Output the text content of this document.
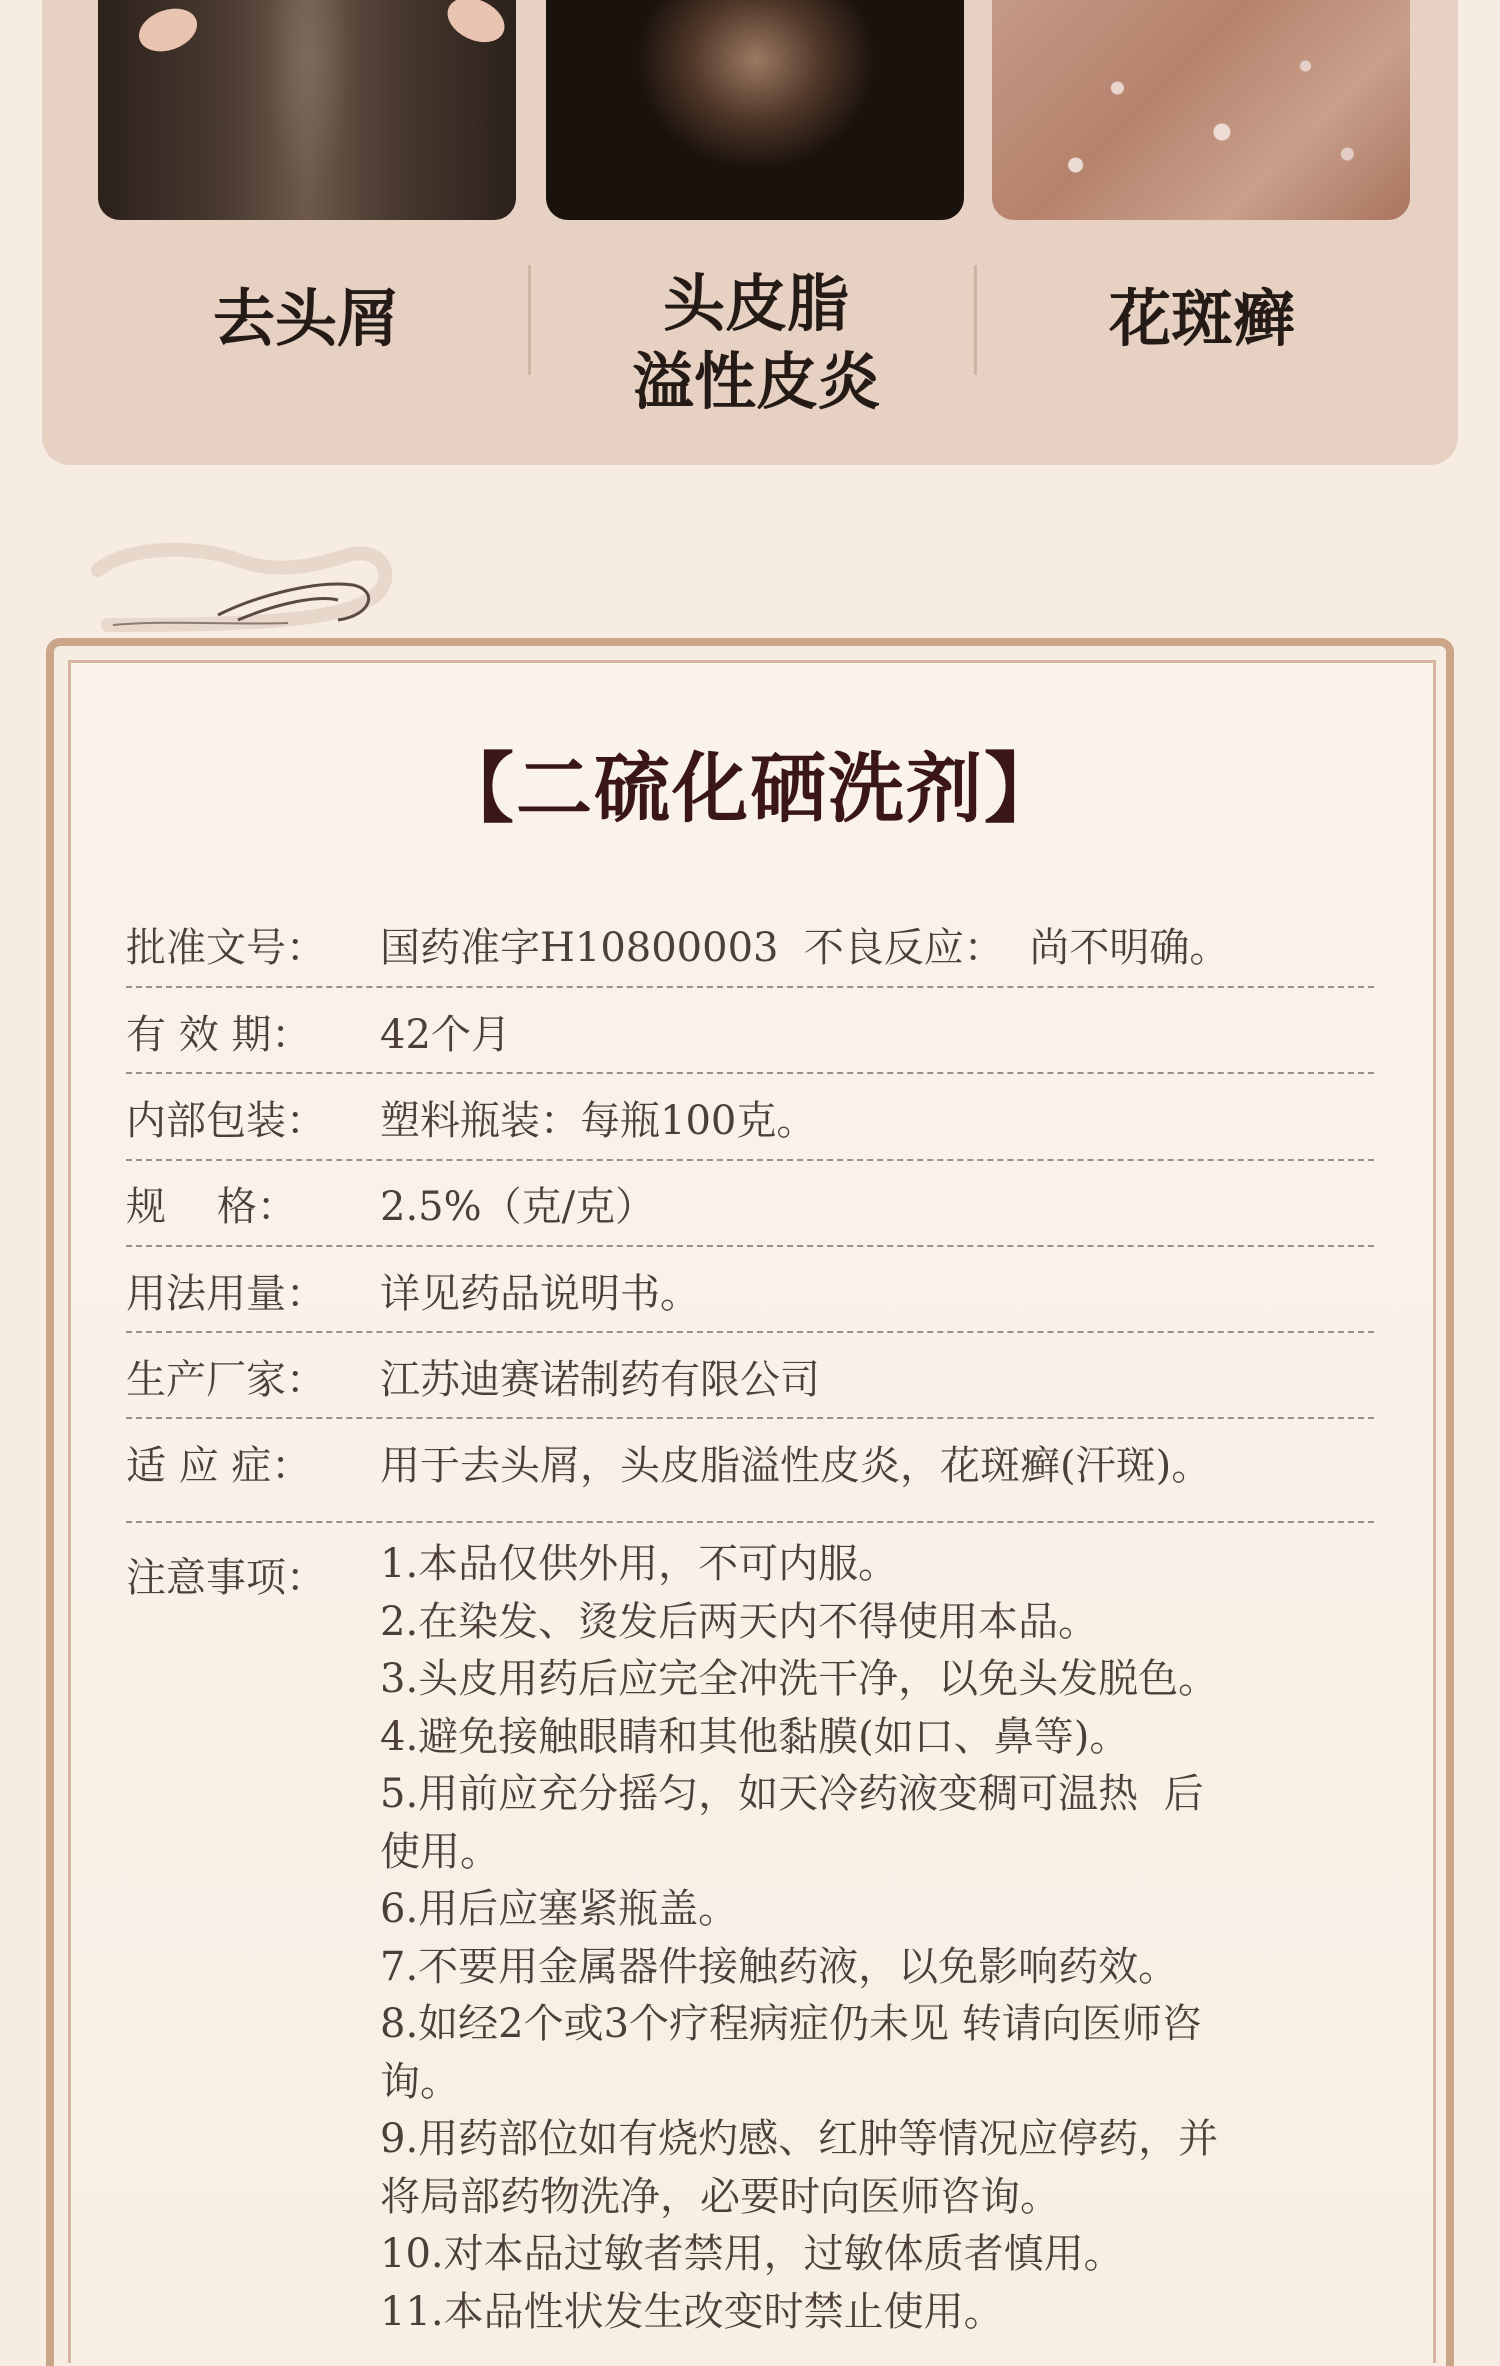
去头屑	头皮脂
溢性皮炎
花斑癣
【二硫化硒洗剂】
批准文号： 国药准字H10800003  不良反应：  尚不明确。
有 效 期： 42个月
内部包装： 塑料瓶装：每瓶100克。
规    格： 2.5%（克/克）
用法用量： 详见药品说明书。
生产厂家： 江苏迪赛诺制药有限公司
适 应 症： 用于去头屑，头皮脂溢性皮炎，花斑癣(汗斑)。
注意事项： 1.本品仅供外用，不可内服。

2.在染发、烫发后两天内不得使用本品。

3.头皮用药后应完全冲洗干净，以免头发脱色。

4.避免接触眼睛和其他黏膜(如口、鼻等)。

5.用前应充分摇匀，如天冷药液变稠可温热  后
使用。

6.用后应塞紧瓶盖。

7.不要用金属器件接触药液，以免影响药效。

8.如经2个或3个疗程病症仍未见 转请向医师咨
询。

9.用药部位如有烧灼感、红肿等情况应停药，并
将局部药物洗净，必要时向医师咨询。

10.对本品过敏者禁用，过敏体质者慎用。

11.本品性状发生改变时禁止使用。
